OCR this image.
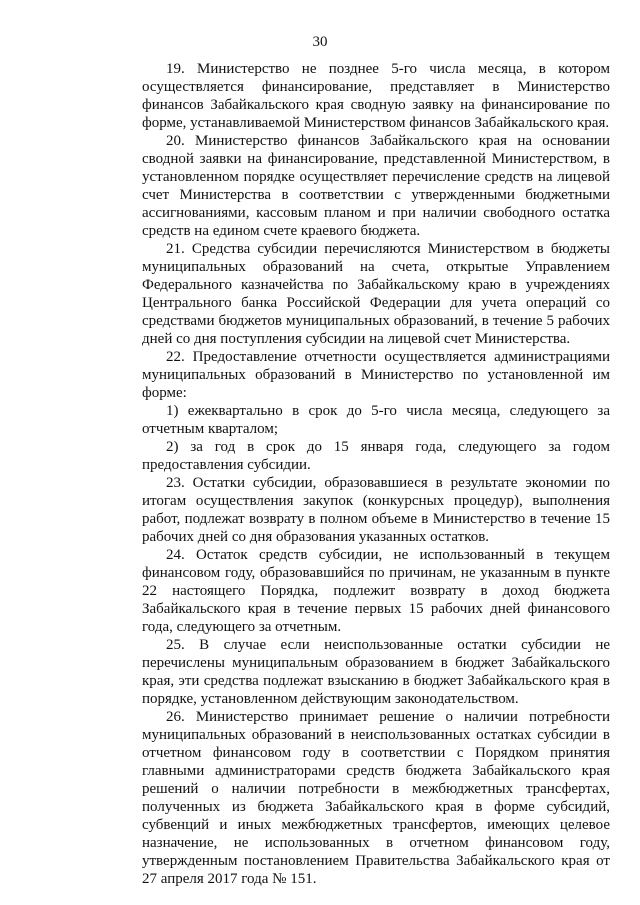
30

19. Министерство не позднее 5-го числа месяца, в котором осуществляется финансирование, представляет в Министерство финансов Забайкальского края сводную заявку на финансирование по форме, устанавливаемой Министерством финансов Забайкальского края.

20. Министерство финансов Забайкальского края на основании сводной заявки на финансирование, представленной Министерством, в установленном порядке осуществляет перечисление средств на лицевой счет Министерства в соответствии с утвержденными бюджетными ассигнованиями, кассовым планом и при наличии свободного остатка средств на едином счете краевого бюджета.

21. Средства субсидии перечисляются Министерством в бюджеты муниципальных образований на счета, открытые Управлением Федерального казначейства по Забайкальскому краю в учреждениях Центрального банка Российской Федерации для учета операций со средствами бюджетов муниципальных образований, в течение 5 рабочих дней со дня поступления субсидии на лицевой счет Министерства.

22. Предоставление отчетности осуществляется администрациями муниципальных образований в Министерство по установленной им форме:

1) ежеквартально в срок до 5-го числа месяца, следующего за отчетным кварталом;

2) за год в срок до 15 января года, следующего за годом предоставления субсидии.

23. Остатки субсидии, образовавшиеся в результате экономии по итогам осуществления закупок (конкурсных процедур), выполнения работ, подлежат возврату в полном объеме в Министерство в течение 15 рабочих дней со дня образования указанных остатков.

24. Остаток средств субсидии, не использованный в текущем финансовом году, образовавшийся по причинам, не указанным в пункте 22 настоящего Порядка, подлежит возврату в доход бюджета Забайкальского края в течение первых 15 рабочих дней финансового года, следующего за отчетным.

25. В случае если неиспользованные остатки субсидии не перечислены муниципальным образованием в бюджет Забайкальского края, эти средства подлежат взысканию в бюджет Забайкальского края в порядке, установленном действующим законодательством.

26. Министерство принимает решение о наличии потребности муниципальных образований в неиспользованных остатках субсидии в отчетном финансовом году в соответствии с Порядком принятия главными администраторами средств бюджета Забайкальского края решений о наличии потребности в межбюджетных трансфертах, полученных из бюджета Забайкальского края в форме субсидий, субвенций и иных межбюджетных трансфертов, имеющих целевое назначение, не использованных в отчетном финансовом году, утвержденным постановлением Правительства Забайкальского края от 27 апреля 2017 года № 151.
